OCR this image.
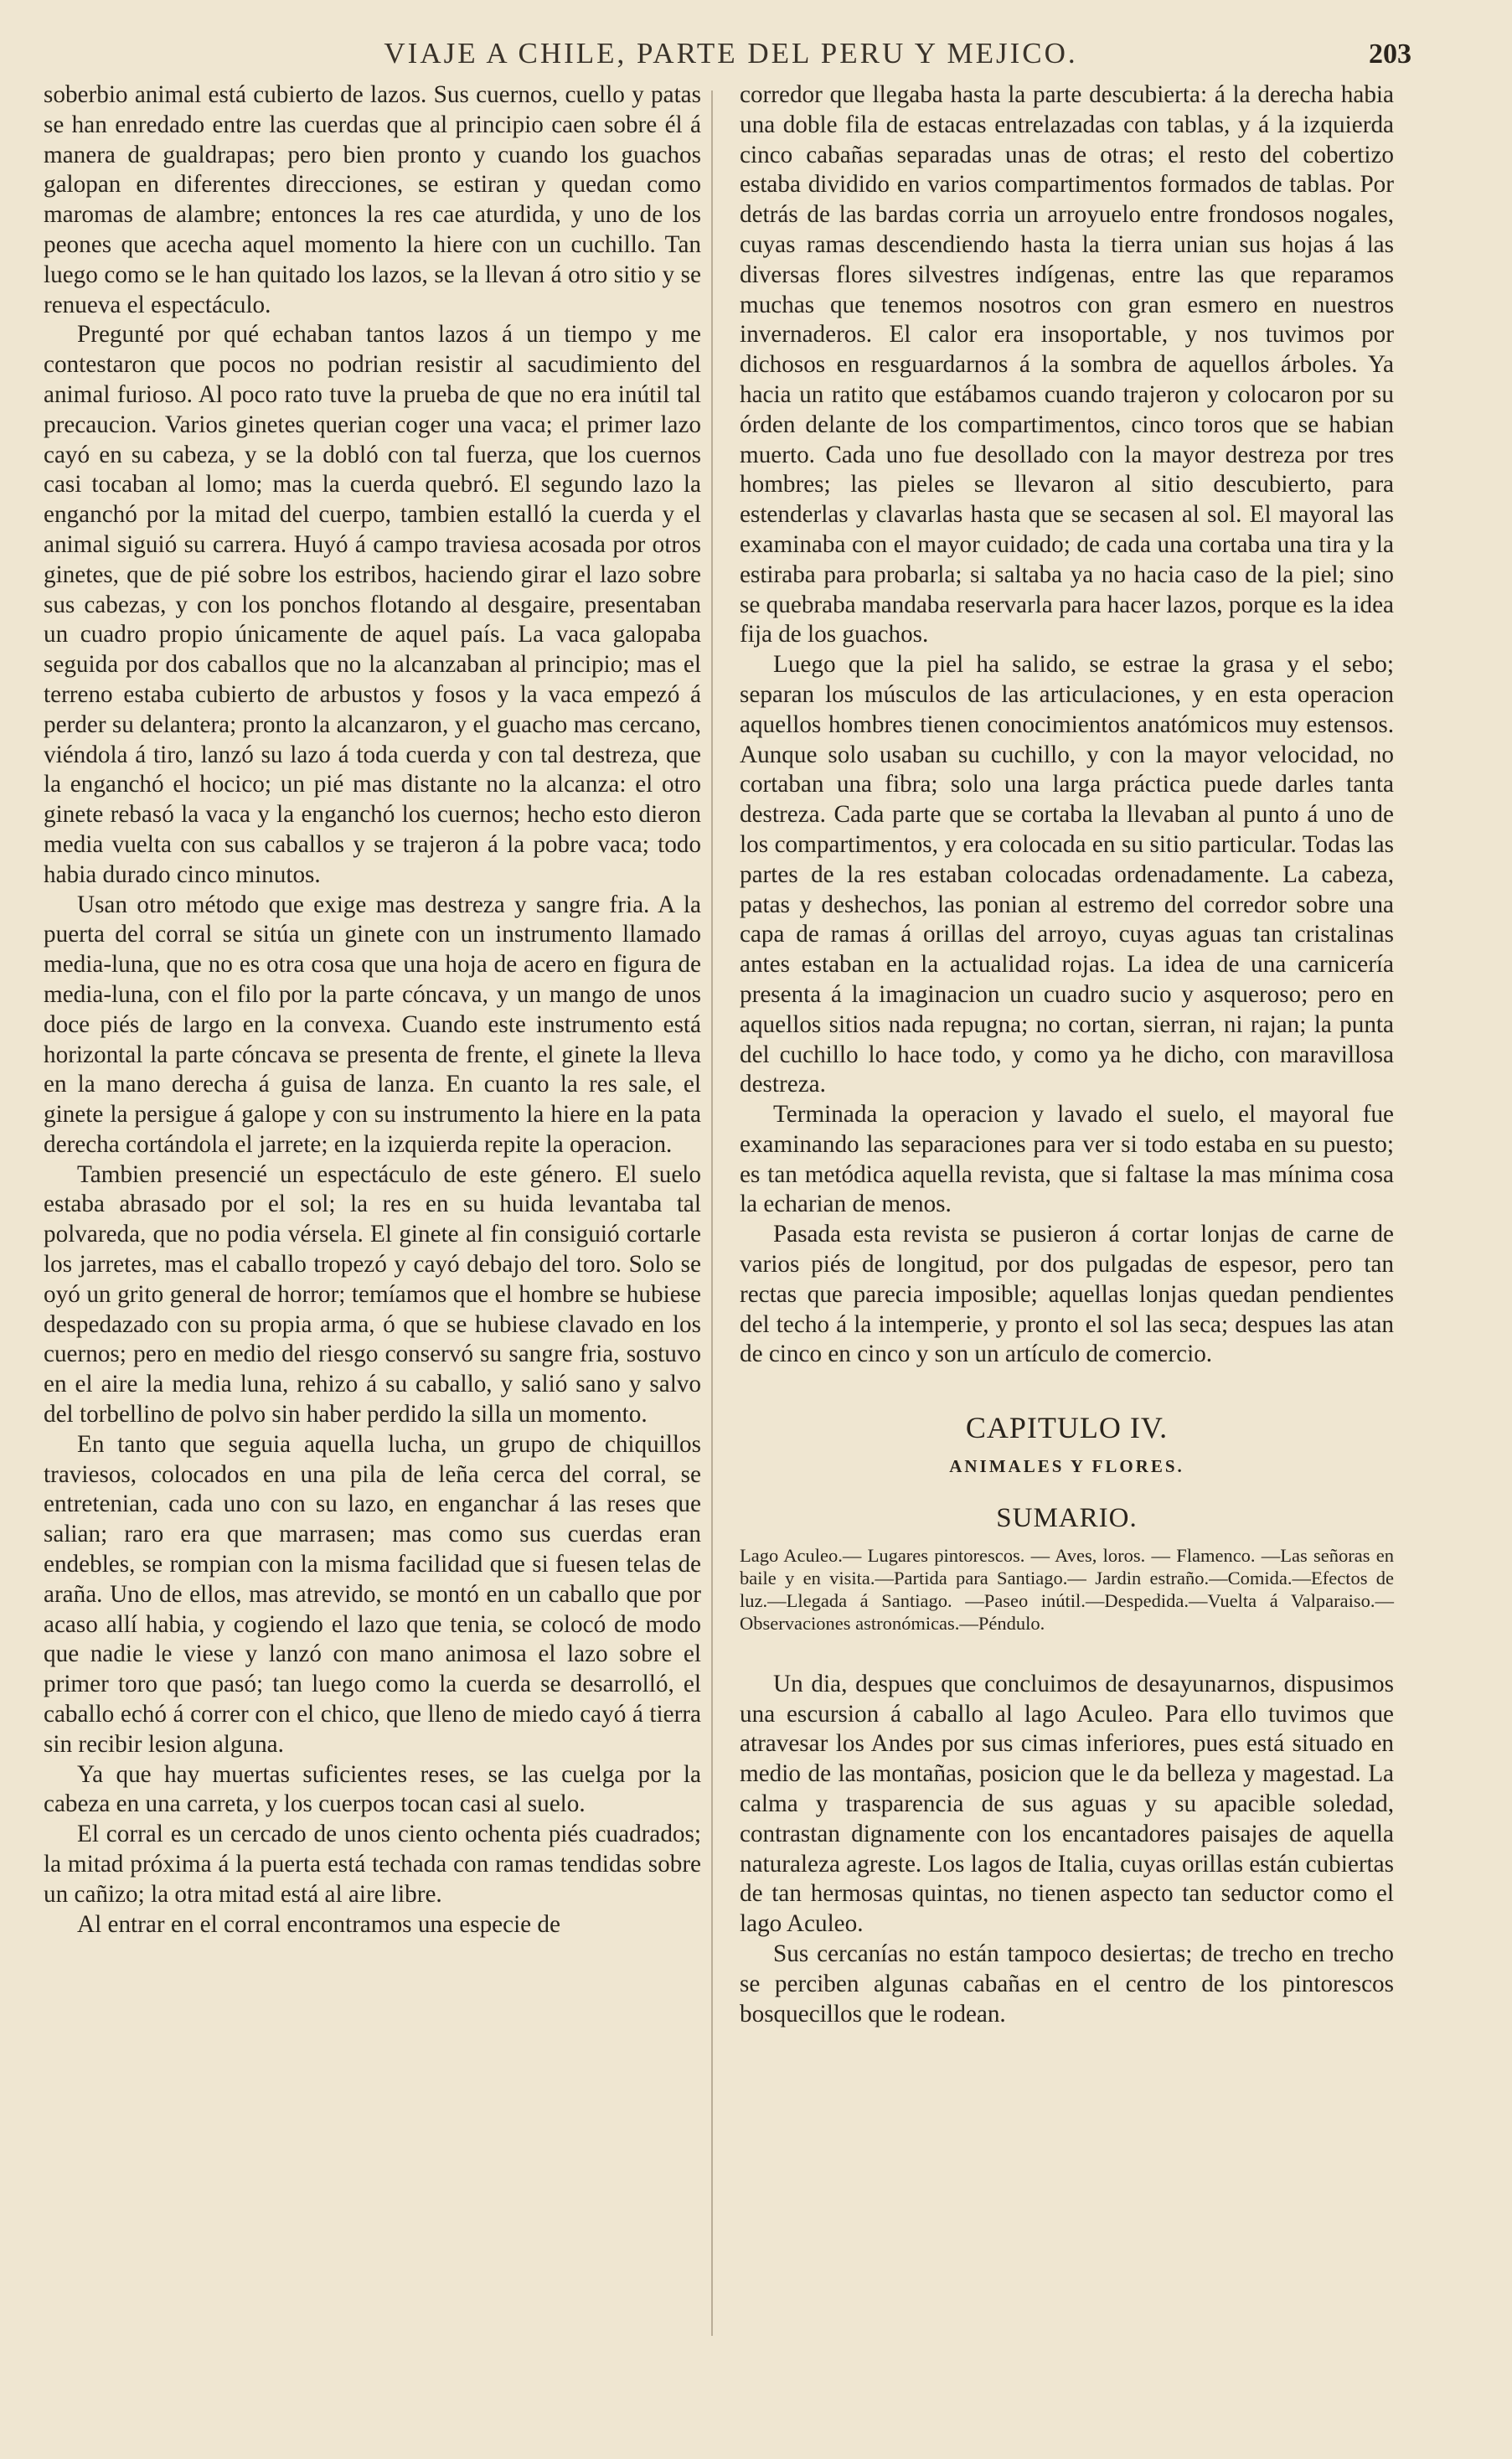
VIAJE A CHILE, PARTE DEL PERU Y MEJICO.	203

soberbio animal está cubierto de lazos. Sus cuernos, cuello y patas se han enredado entre las cuerdas que al principio caen sobre él á manera de gualdrapas; pero bien pronto y cuando los guachos galopan en diferentes direcciones, se estiran y quedan como maromas de alambre; entonces la res cae aturdida, y uno de los peones que acecha aquel momento la hiere con un cuchillo. Tan luego como se le han quitado los lazos, se la llevan á otro sitio y se renueva el espectáculo.

Pregunté por qué echaban tantos lazos á un tiempo y me contestaron que pocos no podrian resistir al sacudimiento del animal furioso. Al poco rato tuve la prueba de que no era inútil tal precaucion. Varios ginetes querian coger una vaca; el primer lazo cayó en su cabeza, y se la dobló con tal fuerza, que los cuernos casi tocaban al lomo; mas la cuerda quebró. El segundo lazo la enganchó por la mitad del cuerpo, tambien estalló la cuerda y el animal siguió su carrera. Huyó á campo traviesa acosada por otros ginetes, que de pié sobre los estribos, haciendo girar el lazo sobre sus cabezas, y con los ponchos flotando al desgaire, presentaban un cuadro propio únicamente de aquel país. La vaca galopaba seguida por dos caballos que no la alcanzaban al principio; mas el terreno estaba cubierto de arbustos y fosos y la vaca empezó á perder su delantera; pronto la alcanzaron, y el guacho mas cercano, viéndola á tiro, lanzó su lazo á toda cuerda y con tal destreza, que la enganchó el hocico; un pié mas distante no la alcanza: el otro ginete rebasó la vaca y la enganchó los cuernos; hecho esto dieron media vuelta con sus caballos y se trajeron á la pobre vaca; todo habia durado cinco minutos.

Usan otro método que exige mas destreza y sangre fria. A la puerta del corral se sitúa un ginete con un instrumento llamado media-luna, que no es otra cosa que una hoja de acero en figura de media-luna, con el filo por la parte cóncava, y un mango de unos doce piés de largo en la convexa. Cuando este instrumento está horizontal la parte cóncava se presenta de frente, el ginete la lleva en la mano derecha á guisa de lanza. En cuanto la res sale, el ginete la persigue á galope y con su instrumento la hiere en la pata derecha cortándola el jarrete; en la izquierda repite la operacion.

Tambien presencié un espectáculo de este género. El suelo estaba abrasado por el sol; la res en su huida levantaba tal polvareda, que no podia vérsela. El ginete al fin consiguió cortarle los jarretes, mas el caballo tropezó y cayó debajo del toro. Solo se oyó un grito general de horror; temíamos que el hombre se hubiese despedazado con su propia arma, ó que se hubiese clavado en los cuernos; pero en medio del riesgo conservó su sangre fria, sostuvo en el aire la media luna, rehizo á su caballo, y salió sano y salvo del torbellino de polvo sin haber perdido la silla un momento.

En tanto que seguia aquella lucha, un grupo de chiquillos traviesos, colocados en una pila de leña cerca del corral, se entretenian, cada uno con su lazo, en enganchar á las reses que salian; raro era que marrasen; mas como sus cuerdas eran endebles, se rompian con la misma facilidad que si fuesen telas de araña. Uno de ellos, mas atrevido, se montó en un caballo que por acaso allí habia, y cogiendo el lazo que tenia, se colocó de modo que nadie le viese y lanzó con mano animosa el lazo sobre el primer toro que pasó; tan luego como la cuerda se desarrolló, el caballo echó á correr con el chico, que lleno de miedo cayó á tierra sin recibir lesion alguna.

Ya que hay muertas suficientes reses, se las cuelga por la cabeza en una carreta, y los cuerpos tocan casi al suelo.

El corral es un cercado de unos ciento ochenta piés cuadrados; la mitad próxima á la puerta está techada con ramas tendidas sobre un cañizo; la otra mitad está al aire libre.

Al entrar en el corral encontramos una especie de

corredor que llegaba hasta la parte descubierta: á la derecha habia una doble fila de estacas entrelazadas con tablas, y á la izquierda cinco cabañas separadas unas de otras; el resto del cobertizo estaba dividido en varios compartimentos formados de tablas. Por detrás de las bardas corria un arroyuelo entre frondosos nogales, cuyas ramas descendiendo hasta la tierra unian sus hojas á las diversas flores silvestres indígenas, entre las que reparamos muchas que tenemos nosotros con gran esmero en nuestros invernaderos. El calor era insoportable, y nos tuvimos por dichosos en resguardarnos á la sombra de aquellos árboles. Ya hacia un ratito que estábamos cuando trajeron y colocaron por su órden delante de los compartimentos, cinco toros que se habian muerto. Cada uno fue desollado con la mayor destreza por tres hombres; las pieles se llevaron al sitio descubierto, para estenderlas y clavarlas hasta que se secasen al sol. El mayoral las examinaba con el mayor cuidado; de cada una cortaba una tira y la estiraba para probarla; si saltaba ya no hacia caso de la piel; sino se quebraba mandaba reservarla para hacer lazos, porque es la idea fija de los guachos.

Luego que la piel ha salido, se estrae la grasa y el sebo; separan los músculos de las articulaciones, y en esta operacion aquellos hombres tienen conocimientos anatómicos muy estensos. Aunque solo usaban su cuchillo, y con la mayor velocidad, no cortaban una fibra; solo una larga práctica puede darles tanta destreza. Cada parte que se cortaba la llevaban al punto á uno de los compartimentos, y era colocada en su sitio particular. Todas las partes de la res estaban colocadas ordenadamente. La cabeza, patas y deshechos, las ponian al estremo del corredor sobre una capa de ramas á orillas del arroyo, cuyas aguas tan cristalinas antes estaban en la actualidad rojas. La idea de una carnicería presenta á la imaginacion un cuadro sucio y asqueroso; pero en aquellos sitios nada repugna; no cortan, sierran, ni rajan; la punta del cuchillo lo hace todo, y como ya he dicho, con maravillosa destreza.

Terminada la operacion y lavado el suelo, el mayoral fue examinando las separaciones para ver si todo estaba en su puesto; es tan metódica aquella revista, que si faltase la mas mínima cosa la echarian de menos.

Pasada esta revista se pusieron á cortar lonjas de carne de varios piés de longitud, por dos pulgadas de espesor, pero tan rectas que parecia imposible; aquellas lonjas quedan pendientes del techo á la intemperie, y pronto el sol las seca; despues las atan de cinco en cinco y son un artículo de comercio.

CAPITULO IV.
ANIMALES Y FLORES.
SUMARIO.
Lago Aculeo.— Lugares pintorescos. — Aves, loros. — Flamenco. —Las señoras en baile y en visita.—Partida para Santiago.— Jardin estraño.—Comida.—Efectos de luz.—Llegada á Santiago. —Paseo inútil.—Despedida.—Vuelta á Valparaiso.—Observaciones astronómicas.—Péndulo.

Un dia, despues que concluimos de desayunarnos, dispusimos una escursion á caballo al lago Aculeo. Para ello tuvimos que atravesar los Andes por sus cimas inferiores, pues está situado en medio de las montañas, posicion que le da belleza y magestad. La calma y trasparencia de sus aguas y su apacible soledad, contrastan dignamente con los encantadores paisajes de aquella naturaleza agreste. Los lagos de Italia, cuyas orillas están cubiertas de tan hermosas quintas, no tienen aspecto tan seductor como el lago Aculeo.

Sus cercanías no están tampoco desiertas; de trecho en trecho se perciben algunas cabañas en el centro de los pintorescos bosquecillos que le rodean.
